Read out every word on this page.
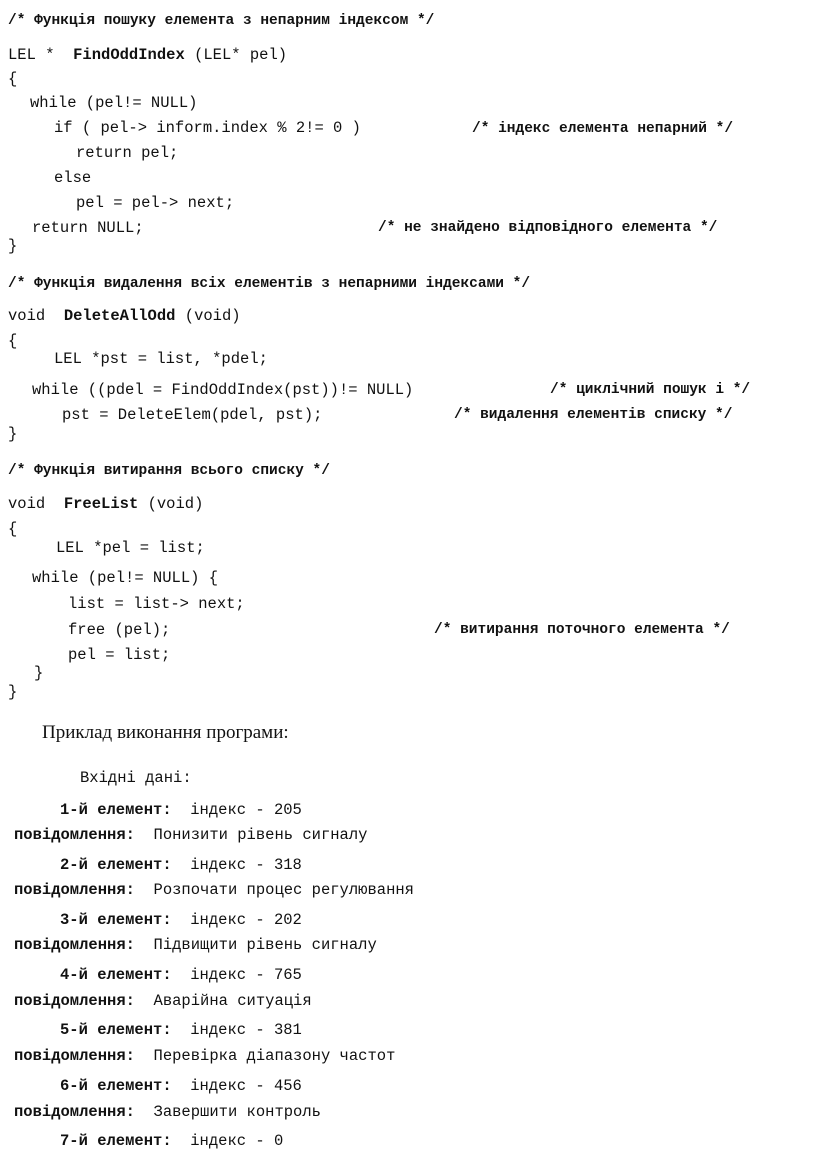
/* Функція пошуку елемента з непарним індексом */
LEL * FindOddIndex (LEL* pel)
{
while (pel!= NULL)
if ( pel-> inform.index % 2!= 0 )	/* індекс елемента непарний */
return pel;
else
pel = pel-> next;
return NULL;	/* не знайдено відповідного елемента */
}
/* Функція видалення всіх елементів з непарними індексами */
void DeleteAllOdd (void)
{
LEL *pst = list, *pdel;
while ((pdel = FindOddIndex(pst))!= NULL)	/* циклічний пошук і */
pst = DeleteElem(pdel, pst);	/* видалення елементів списку */
}
/* Функція витирання всього списку */
void FreeList (void)
{
LEL *pel = list;
while (pel!= NULL) {
list = list-> next;
free (pel);	/* витирання поточного елемента */
pel = list;
}
}
Приклад виконання програми:
Вхідні дані:
1-й елемент: індекс - 205
повідомлення: Понизити рівень сигналу
2-й елемент: індекс - 318
повідомлення: Розпочати процес регулювання
3-й елемент: індекс - 202
повідомлення: Підвищити рівень сигналу
4-й елемент: індекс - 765
повідомлення: Аварійна ситуація
5-й елемент: індекс - 381
повідомлення: Перевірка діапазону частот
6-й елемент: індекс - 456
повідомлення: Завершити контроль
7-й елемент: індекс - 0
